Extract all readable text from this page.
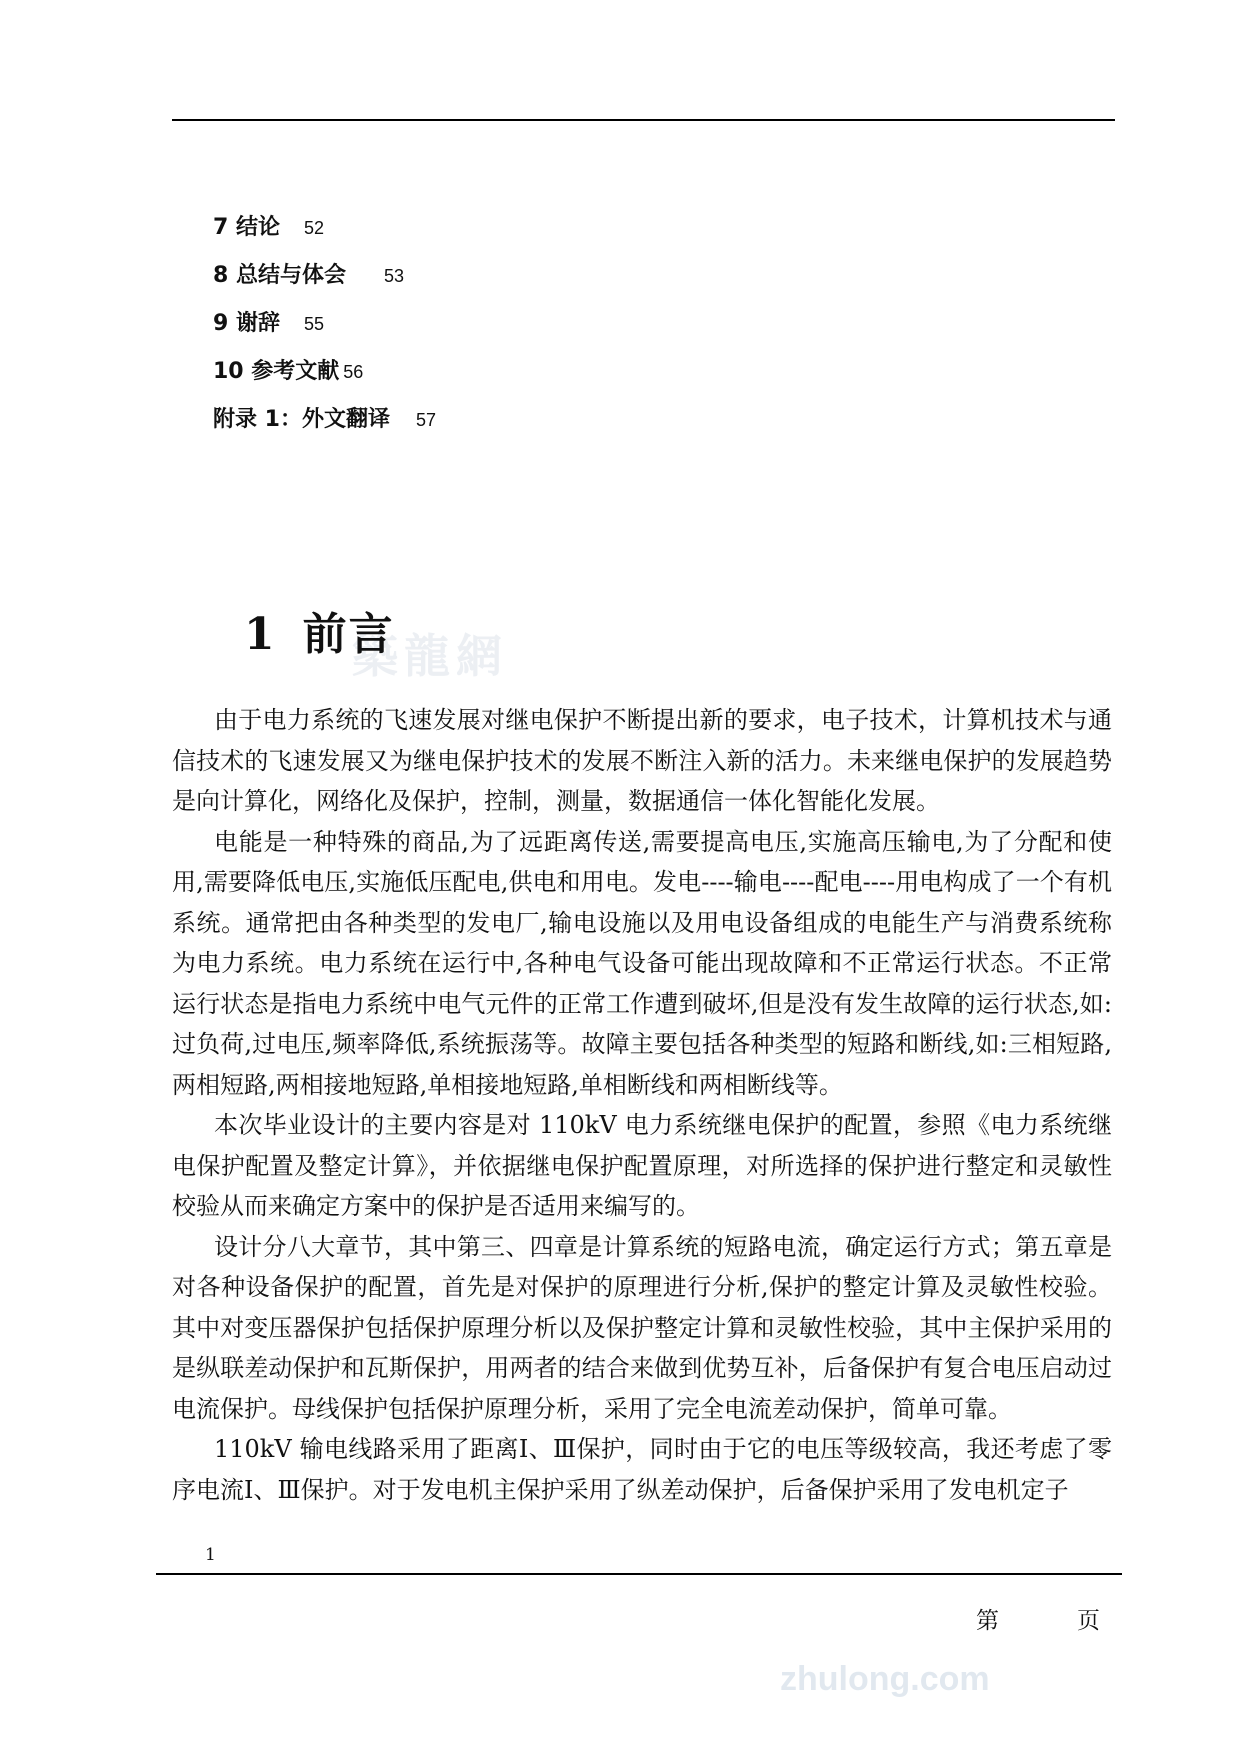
7 结论 52
8 总结与体会 53
9 谢辞 55
10 参考文献 56
附录 1：外文翻译 57
築龍網
1 前言

由于电力系统的飞速发展对继电保护不断提出新的要求，电子技术，计算机技术与通信技术的飞速发展又为继电保护技术的发展不断注入新的活力。未来继电保护的发展趋势是向计算化，网络化及保护，控制，测量，数据通信一体化智能化发展。

电能是一种特殊的商品,为了远距离传送,需要提高电压,实施高压输电,为了分配和使用,需要降低电压,实施低压配电,供电和用电。发电----输电----配电----用电构成了一个有机系统。通常把由各种类型的发电厂,输电设施以及用电设备组成的电能生产与消费系统称为电力系统。电力系统在运行中,各种电气设备可能出现故障和不正常运行状态。不正常运行状态是指电力系统中电气元件的正常工作遭到破坏,但是没有发生故障的运行状态,如:过负荷,过电压,频率降低,系统振荡等。故障主要包括各种类型的短路和断线,如:三相短路,两相短路,两相接地短路,单相接地短路,单相断线和两相断线等。

本次毕业设计的主要内容是对 110kV 电力系统继电保护的配置，参照《电力系统继电保护配置及整定计算》，并依据继电保护配置原理，对所选择的保护进行整定和灵敏性校验从而来确定方案中的保护是否适用来编写的。

设计分八大章节，其中第三、四章是计算系统的短路电流，确定运行方式；第五章是对各种设备保护的配置，首先是对保护的原理进行分析,保护的整定计算及灵敏性校验。其中对变压器保护包括保护原理分析以及保护整定计算和灵敏性校验，其中主保护采用的是纵联差动保护和瓦斯保护，用两者的结合来做到优势互补，后备保护有复合电压启动过电流保护。母线保护包括保护原理分析，采用了完全电流差动保护，简单可靠。

110kV 输电线路采用了距离Ⅰ、Ⅲ保护，同时由于它的电压等级较高，我还考虑了零序电流Ⅰ、Ⅲ保护。对于发电机主保护采用了纵差动保护，后备保护采用了发电机定子

1
第	页
zhulong.com
